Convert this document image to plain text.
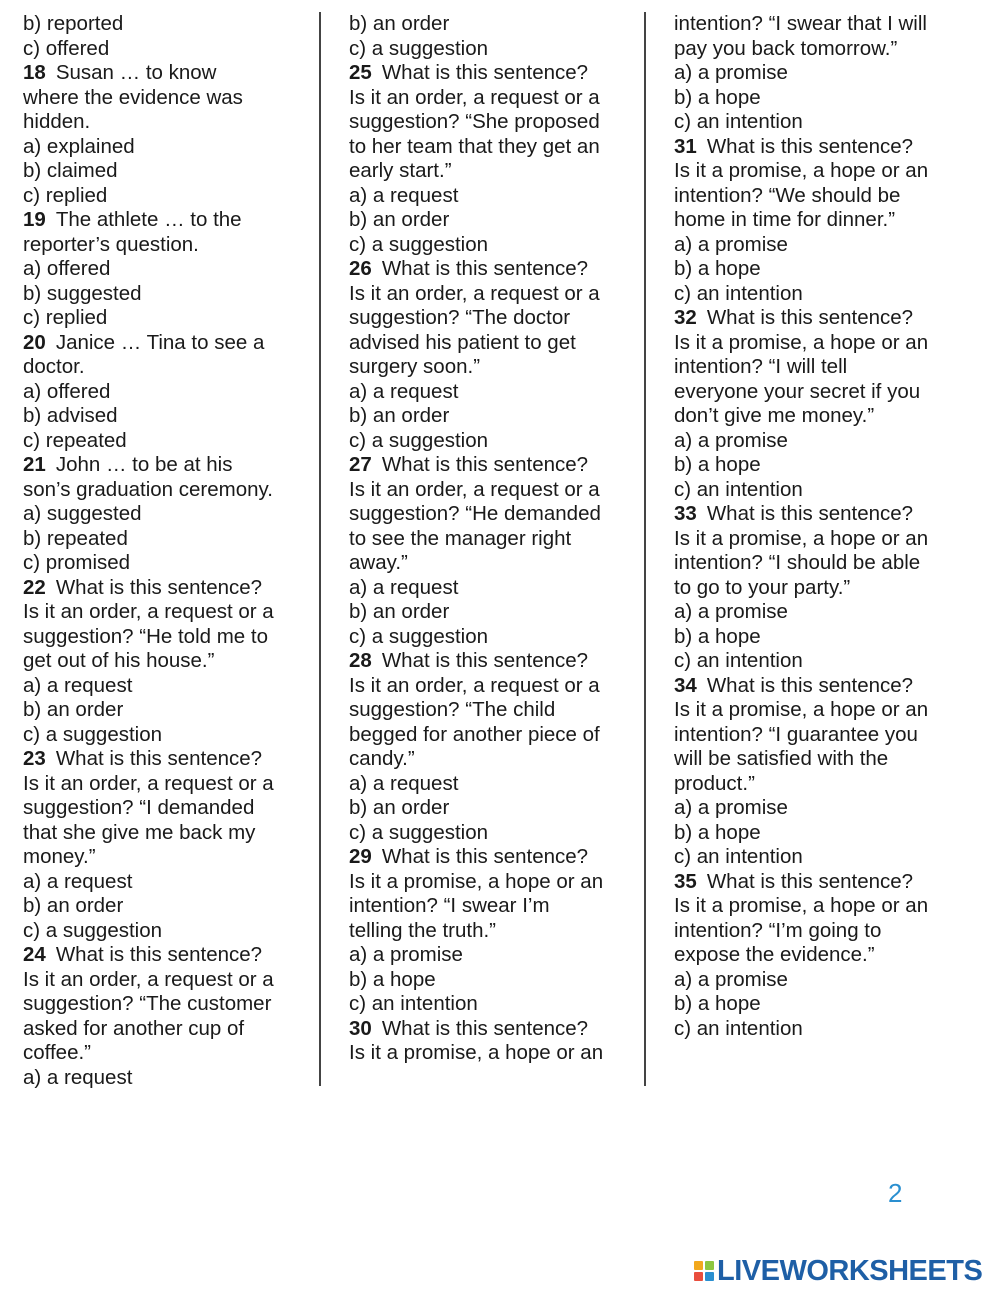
b) reported
c) offered
18 Susan … to know
where the evidence was
hidden.
a) explained
b) claimed
c) replied
19 The athlete … to the
reporter’s question.
a) offered
b) suggested
c) replied
20 Janice … Tina to see a
doctor.
a) offered
b) advised
c) repeated
21 John … to be at his
son’s graduation ceremony.
a) suggested
b) repeated
c) promised
22 What is this sentence?
Is it an order, a request or a
suggestion? “He told me to
get out of his house.”
a) a request
b) an order
c) a suggestion
23 What is this sentence?
Is it an order, a request or a
suggestion? “I demanded
that she give me back my
money.”
a) a request
b) an order
c) a suggestion
24 What is this sentence?
Is it an order, a request or a
suggestion? “The customer
asked for another cup of
coffee.”
a) a request
b) an order
c) a suggestion
25 What is this sentence?
Is it an order, a request or a
suggestion? “She proposed
to her team that they get an
early start.”
a) a request
b) an order
c) a suggestion
26 What is this sentence?
Is it an order, a request or a
suggestion? “The doctor
advised his patient to get
surgery soon.”
a) a request
b) an order
c) a suggestion
27 What is this sentence?
Is it an order, a request or a
suggestion? “He demanded
to see the manager right
away.”
a) a request
b) an order
c) a suggestion
28 What is this sentence?
Is it an order, a request or a
suggestion? “The child
begged for another piece of
candy.”
a) a request
b) an order
c) a suggestion
29 What is this sentence?
Is it a promise, a hope or an
intention? “I swear I’m
telling the truth.”
a) a promise
b) a hope
c) an intention
30 What is this sentence?
Is it a promise, a hope or an
intention? “I swear that I will
pay you back tomorrow.”
a) a promise
b) a hope
c) an intention
31 What is this sentence?
Is it a promise, a hope or an
intention? “We should be
home in time for dinner.”
a) a promise
b) a hope
c) an intention
32 What is this sentence?
Is it a promise, a hope or an
intention? “I will tell
everyone your secret if you
don’t give me money.”
a) a promise
b) a hope
c) an intention
33 What is this sentence?
Is it a promise, a hope or an
intention? “I should be able
to go to your party.”
a) a promise
b) a hope
c) an intention
34 What is this sentence?
Is it a promise, a hope or an
intention? “I guarantee you
will be satisfied with the
product.”
a) a promise
b) a hope
c) an intention
35 What is this sentence?
Is it a promise, a hope or an
intention? “I’m going to
expose the evidence.”
a) a promise
b) a hope
c) an intention
2
LIVEWORKSHEETS
